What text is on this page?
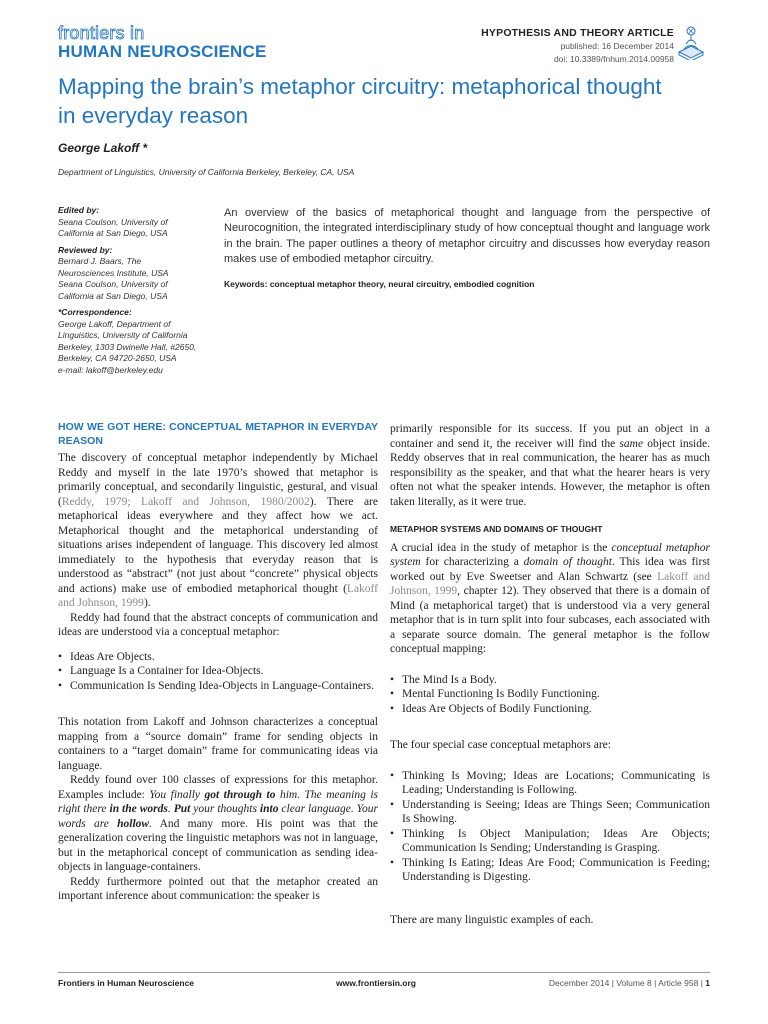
frontiers in
HUMAN NEUROSCIENCE
HYPOTHESIS AND THEORY ARTICLE
published: 16 December 2014
doi: 10.3389/fnhum.2014.00958
Mapping the brain’s metaphor circuitry: metaphorical thought in everyday reason
George Lakoff *
Department of Linguistics, University of California Berkeley, Berkeley, CA, USA
Edited by:
Seana Coulson, University of California at San Diego, USA
Reviewed by:
Bernard J. Baars, The Neurosciences Institute, USA
Seana Coulson, University of California at San Diego, USA
*Correspondence:
George Lakoff, Department of Linguistics, University of California Berkeley, 1303 Dwinelle Hall, #2650, Berkeley, CA 94720-2650, USA
e-mail: lakoff@berkeley.edu
An overview of the basics of metaphorical thought and language from the perspective of Neurocognition, the integrated interdisciplinary study of how conceptual thought and language work in the brain. The paper outlines a theory of metaphor circuitry and discusses how everyday reason makes use of embodied metaphor circuitry.
Keywords: conceptual metaphor theory, neural circuitry, embodied cognition
HOW WE GOT HERE: CONCEPTUAL METAPHOR IN EVERYDAY REASON

The discovery of conceptual metaphor independently by Michael Reddy and myself in the late 1970’s showed that metaphor is primarily conceptual, and secondarily linguistic, gestural, and visual (Reddy, 1979; Lakoff and Johnson, 1980/2002). There are metaphorical ideas everywhere and they affect how we act. Metaphorical thought and the metaphorical understanding of situations arises independent of language. This discovery led almost immediately to the hypothesis that everyday reason that is understood as “abstract” (not just about “concrete” physical objects and actions) make use of embodied metaphorical thought (Lakoff and Johnson, 1999).

Reddy had found that the abstract concepts of communication and ideas are understood via a conceptual metaphor:

• Ideas Are Objects.
• Language Is a Container for Idea-Objects.
• Communication Is Sending Idea-Objects in Language-Containers.

This notation from Lakoff and Johnson characterizes a conceptual mapping from a “source domain” frame for sending objects in containers to a “target domain” frame for communicating ideas via language.

Reddy found over 100 classes of expressions for this metaphor. Examples include: You finally got through to him. The meaning is right there in the words. Put your thoughts into clear language. Your words are hollow. And many more. His point was that the generalization covering the linguistic metaphors was not in language, but in the metaphorical concept of communication as sending idea-objects in language-containers.

Reddy furthermore pointed out that the metaphor created an important inference about communication: the speaker is

primarily responsible for its success. If you put an object in a container and send it, the receiver will find the same object inside. Reddy observes that in real communication, the hearer has as much responsibility as the speaker, and that what the hearer hears is very often not what the speaker intends. However, the metaphor is often taken literally, as it were true.

METAPHOR SYSTEMS AND DOMAINS OF THOUGHT

A crucial idea in the study of metaphor is the conceptual metaphor system for characterizing a domain of thought. This idea was first worked out by Eve Sweetser and Alan Schwartz (see Lakoff and Johnson, 1999, chapter 12). They observed that there is a domain of Mind (a metaphorical target) that is understood via a very general metaphor that is in turn split into four subcases, each associated with a separate source domain. The general metaphor is the follow conceptual mapping:

• The Mind Is a Body.
• Mental Functioning Is Bodily Functioning.
• Ideas Are Objects of Bodily Functioning.

The four special case conceptual metaphors are:

• Thinking Is Moving; Ideas are Locations; Communicating is Leading; Understanding is Following.
• Understanding is Seeing; Ideas are Things Seen; Communication Is Showing.
• Thinking Is Object Manipulation; Ideas Are Objects; Communication Is Sending; Understanding is Grasping.
• Thinking Is Eating; Ideas Are Food; Communication is Feeding; Understanding is Digesting.

There are many linguistic examples of each.

Frontiers in Human Neuroscience	www.frontiersin.org	December 2014 | Volume 8 | Article 958 | 1
